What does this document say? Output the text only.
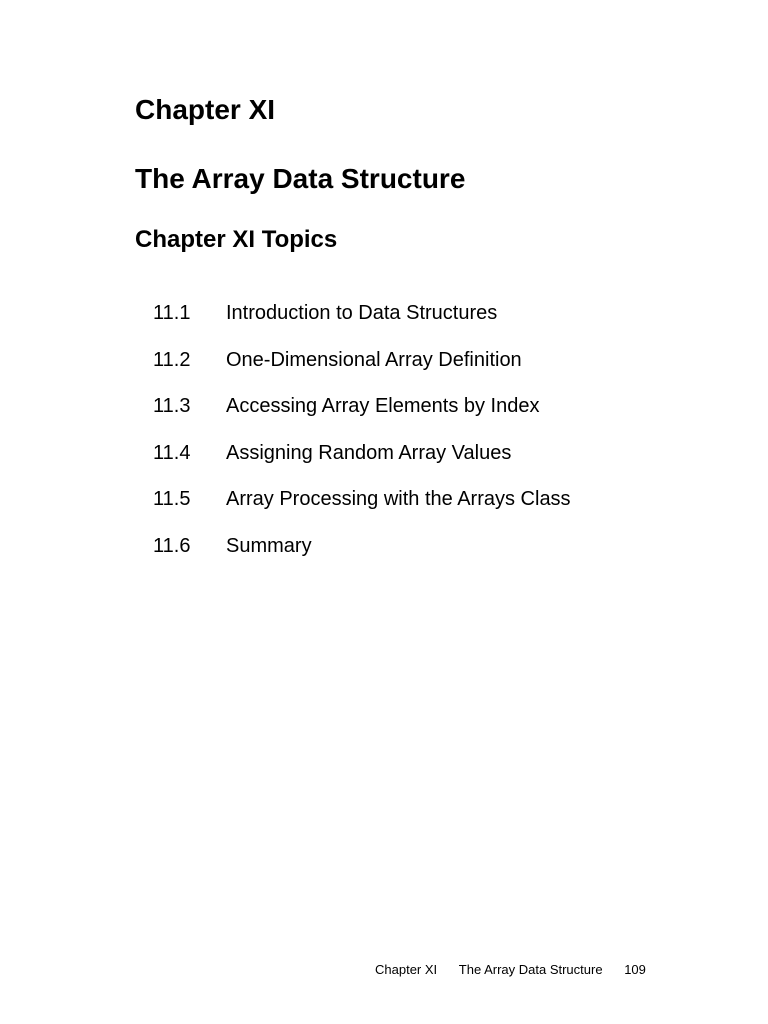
Chapter XI
The Array Data Structure
Chapter XI Topics
11.1	Introduction to Data Structures
11.2	One-Dimensional Array Definition
11.3	Accessing Array Elements by Index
11.4	Assigning Random Array Values
11.5	Array Processing with the Arrays Class
11.6	Summary
Chapter XI The Array Data Structure 109
